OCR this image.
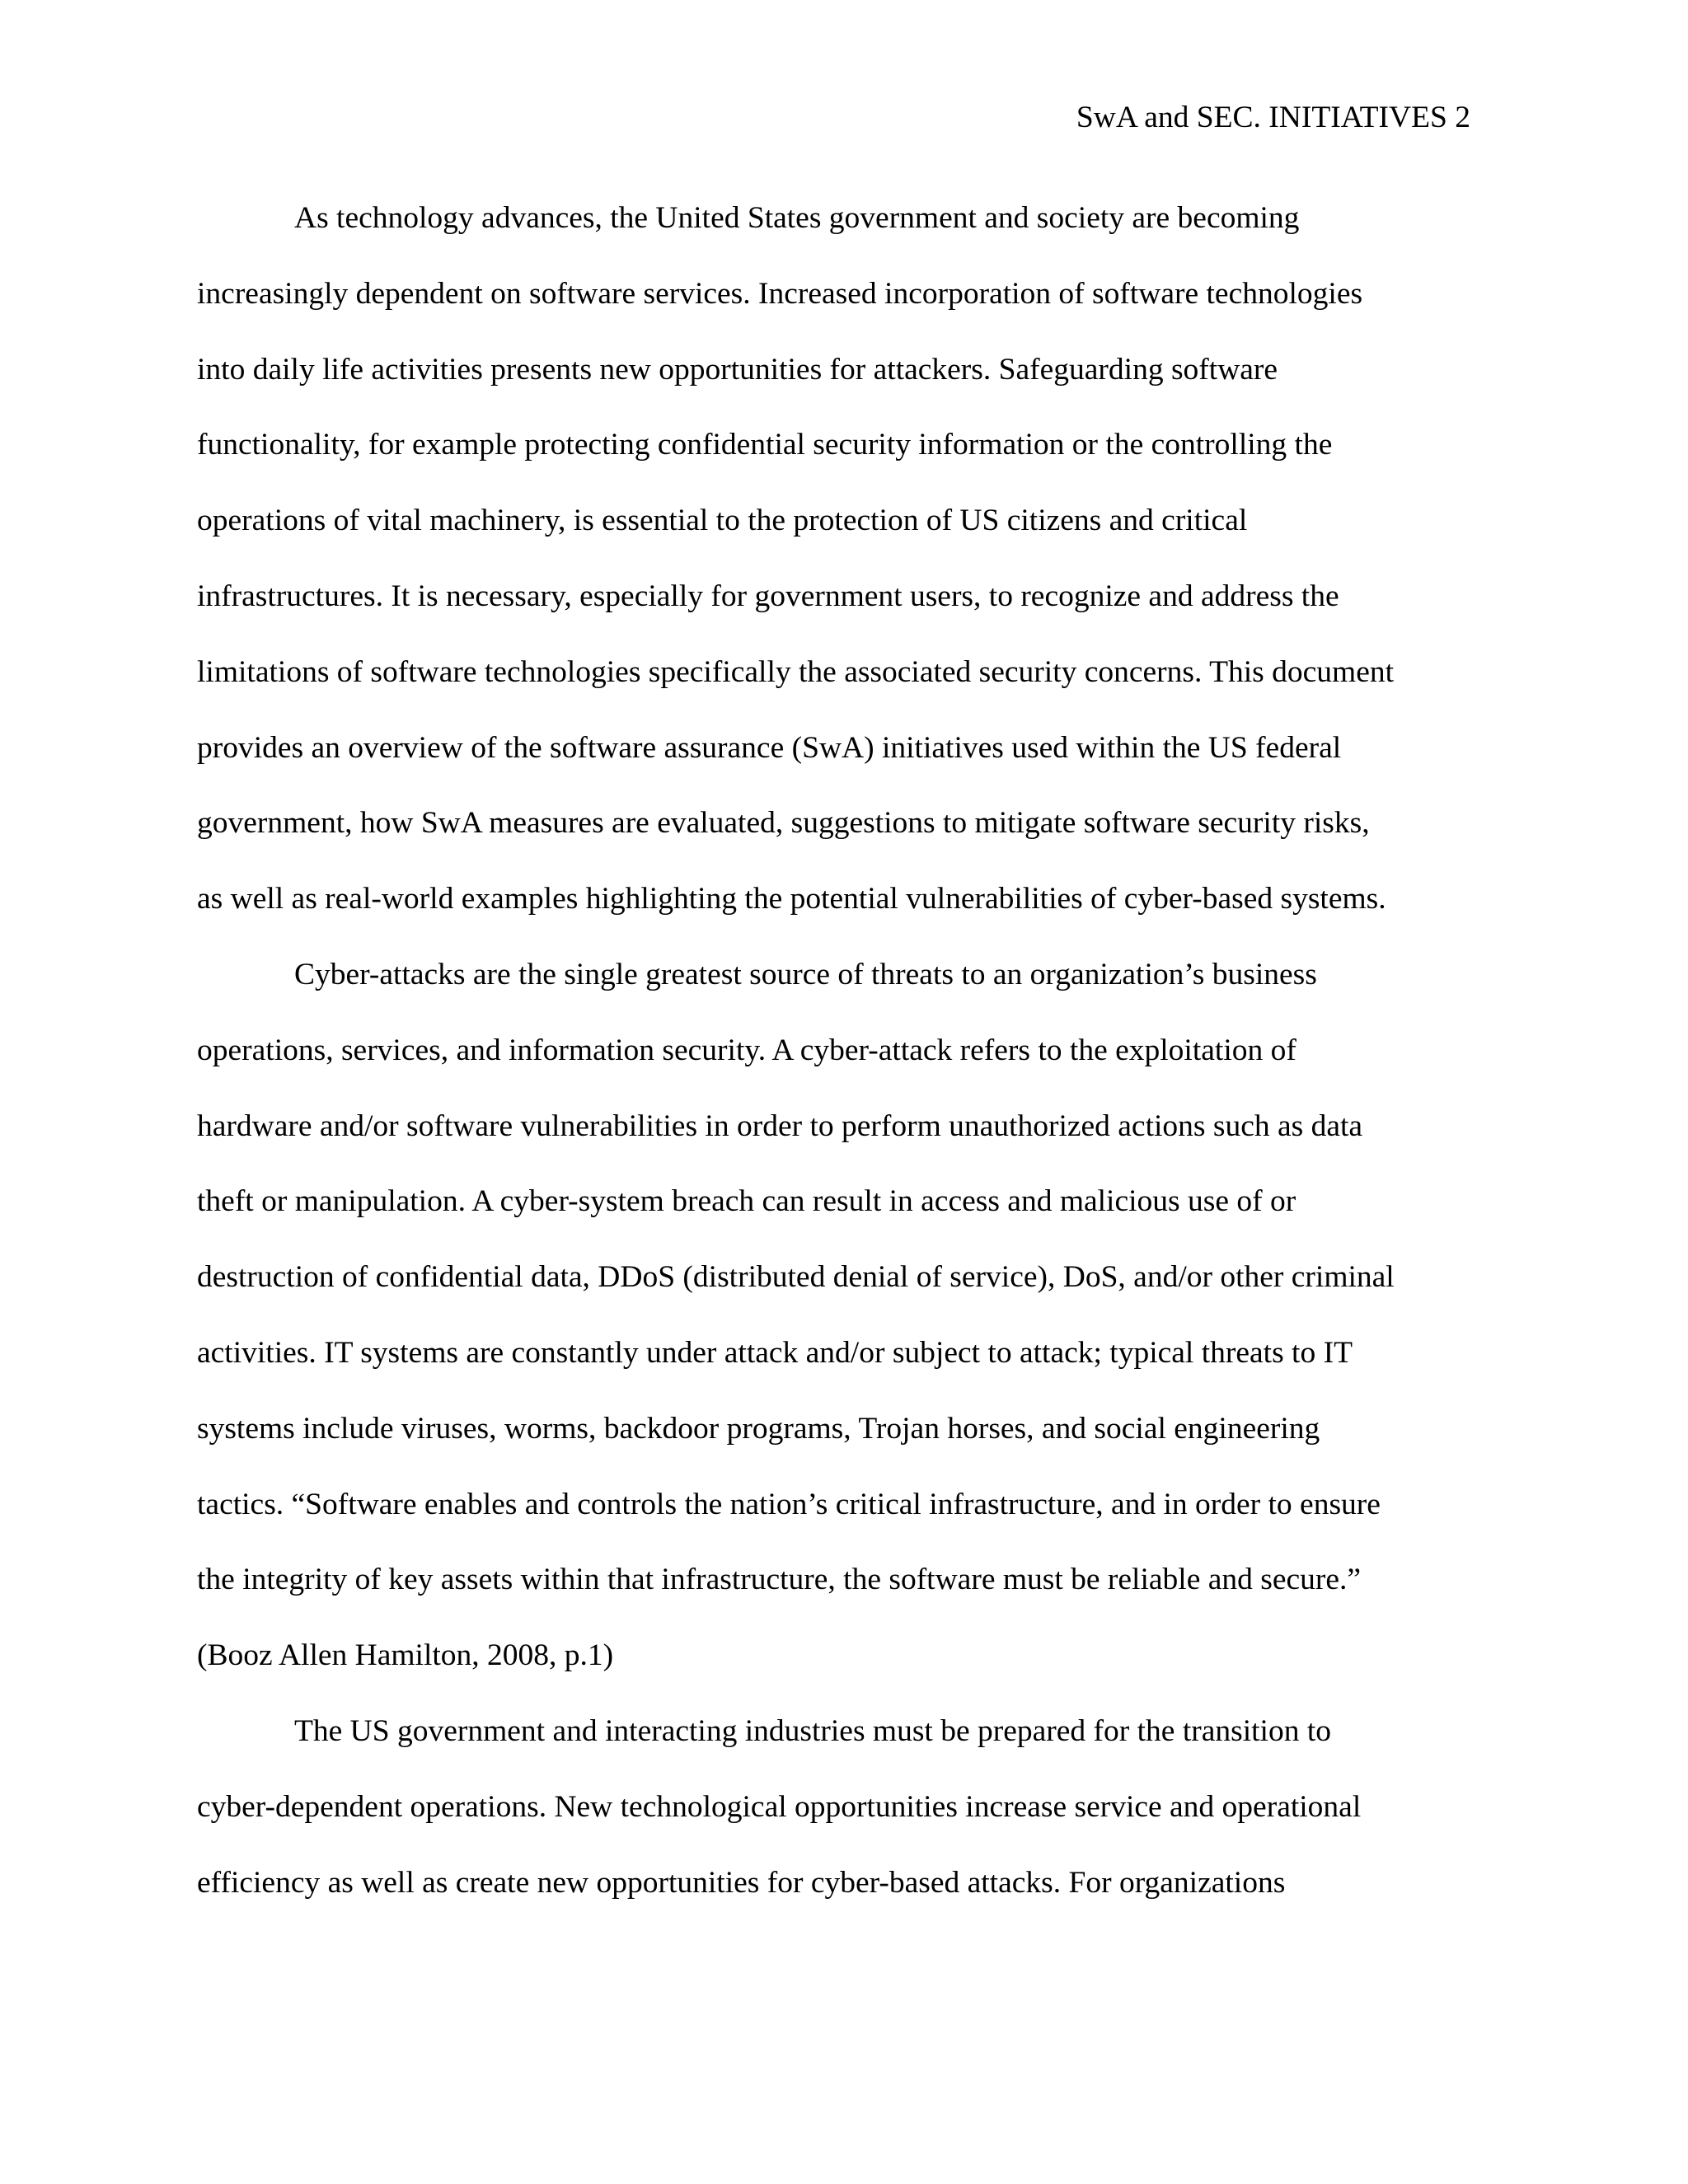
SwA and SEC. INITIATIVES 2
As technology advances, the United States government and society are becoming
increasingly dependent on software services. Increased incorporation of software technologies
into daily life activities presents new opportunities for attackers. Safeguarding software
functionality, for example protecting confidential security information or the controlling the
operations of vital machinery, is essential to the protection of US citizens and critical
infrastructures. It is necessary, especially for government users, to recognize and address the
limitations of software technologies specifically the associated security concerns. This document
provides an overview of the software assurance (SwA) initiatives used within the US federal
government, how SwA measures are evaluated, suggestions to mitigate software security risks,
as well as real-world examples highlighting the potential vulnerabilities of cyber-based systems.
Cyber-attacks are the single greatest source of threats to an organization’s business
operations, services, and information security. A cyber-attack refers to the exploitation of
hardware and/or software vulnerabilities in order to perform unauthorized actions such as data
theft or manipulation. A cyber-system breach can result in access and malicious use of or
destruction of confidential data, DDoS (distributed denial of service), DoS, and/or other criminal
activities. IT systems are constantly under attack and/or subject to attack; typical threats to IT
systems include viruses, worms, backdoor programs, Trojan horses, and social engineering
tactics. “Software enables and controls the nation’s critical infrastructure, and in order to ensure
the integrity of key assets within that infrastructure, the software must be reliable and secure.”
(Booz Allen Hamilton, 2008, p.1)
The US government and interacting industries must be prepared for the transition to
cyber-dependent operations. New technological opportunities increase service and operational
efficiency as well as create new opportunities for cyber-based attacks. For organizations
